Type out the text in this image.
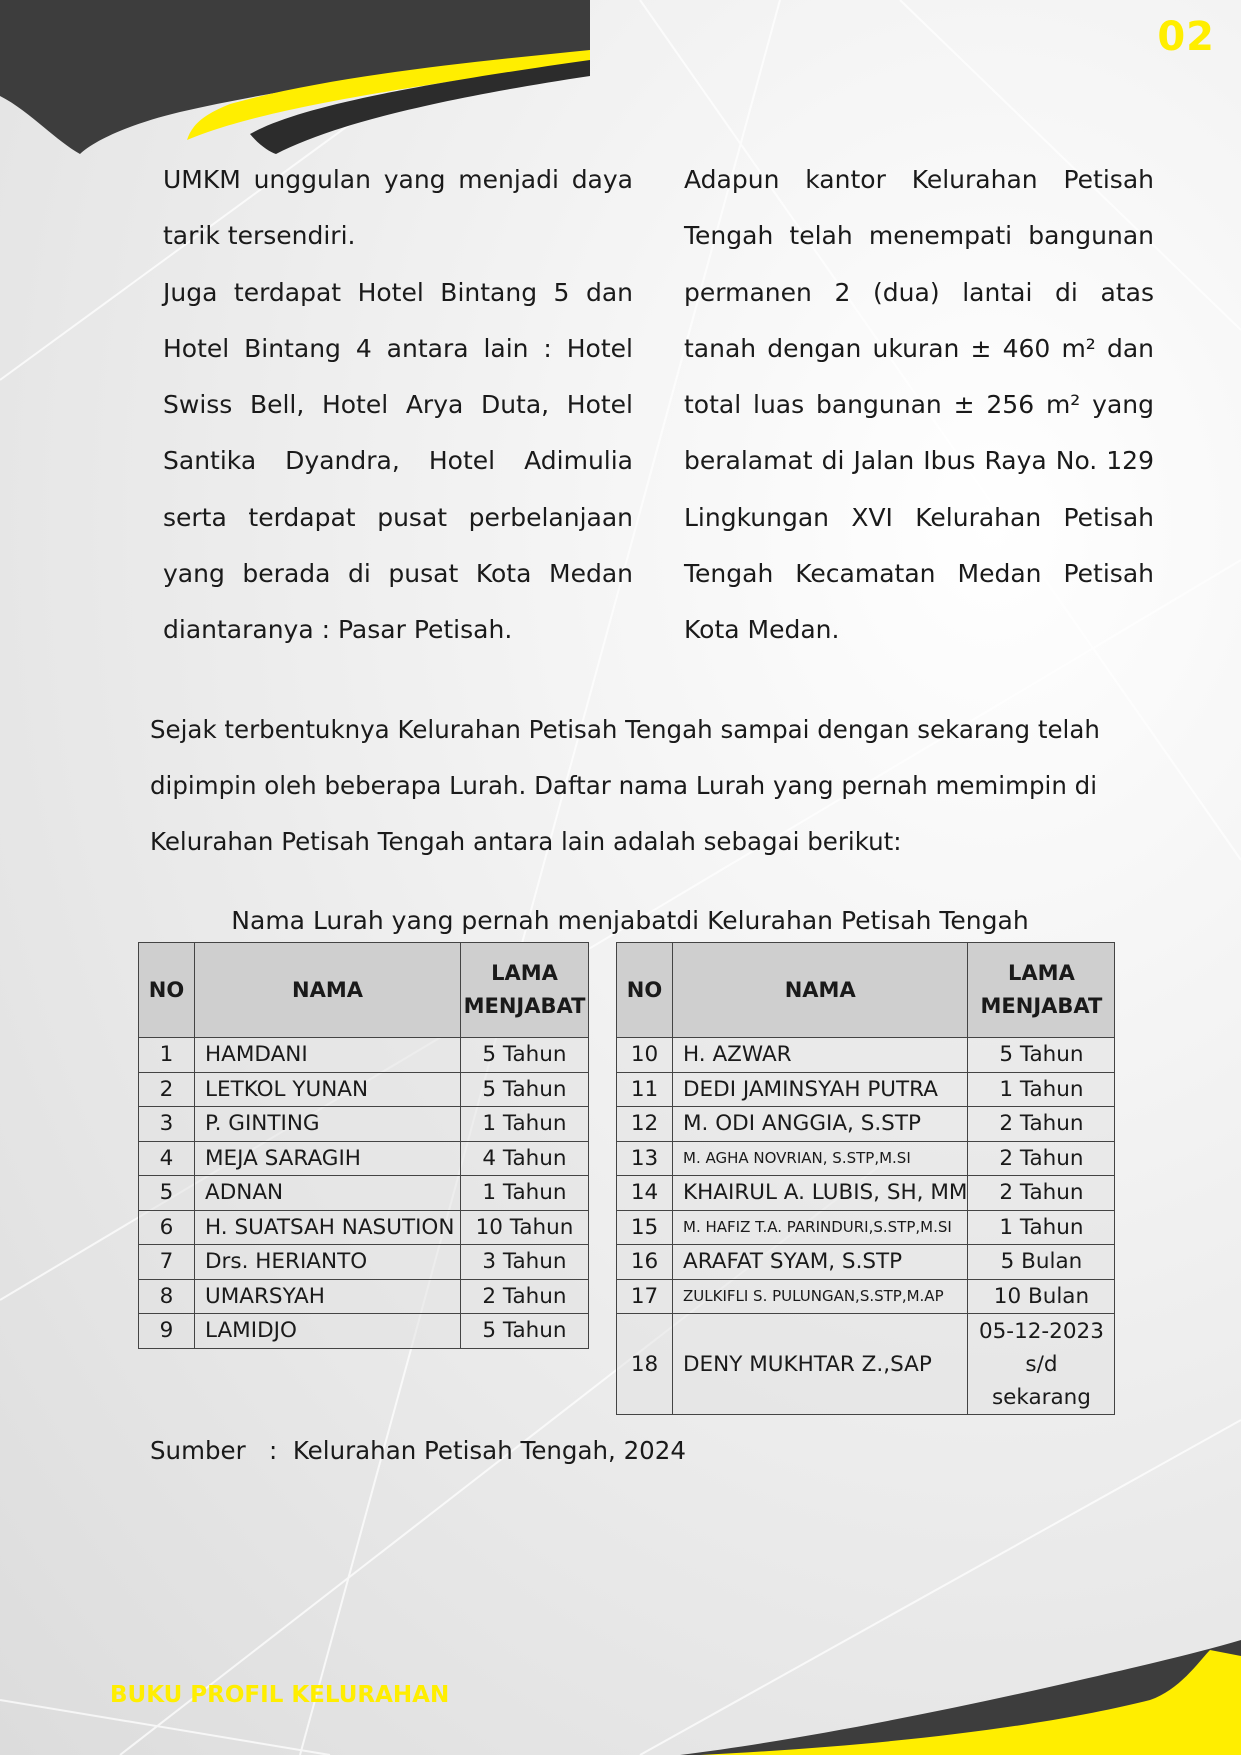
02

UMKM unggulan yang menjadi daya tarik tersendiri.

Juga terdapat Hotel Bintang 5 dan Hotel Bintang 4 antara lain : Hotel Swiss Bell, Hotel Arya Duta, Hotel Santika Dyandra, Hotel Adimulia serta terdapat pusat perbelanjaan yang berada di pusat Kota Medan diantaranya : Pasar Petisah.

Adapun kantor Kelurahan Petisah Tengah telah menempati bangunan permanen 2 (dua) lantai di atas tanah dengan ukuran ± 460 m² dan total luas bangunan ± 256 m² yang beralamat di Jalan Ibus Raya No. 129 Lingkungan XVI Kelurahan Petisah Tengah Kecamatan Medan Petisah Kota Medan.

Sejak terbentuknya Kelurahan Petisah Tengah sampai dengan sekarang telah dipimpin oleh beberapa Lurah. Daftar nama Lurah yang pernah memimpin di Kelurahan Petisah Tengah antara lain adalah sebagai berikut:

Nama Lurah yang pernah menjabatdi Kelurahan Petisah Tengah

NO	NAMA	LAMA
MENJABAT
1	HAMDANI	5 Tahun
2	LETKOL YUNAN	5 Tahun
3	P. GINTING	1 Tahun
4	MEJA SARAGIH	4 Tahun
5	ADNAN	1 Tahun
6	H. SUATSAH NASUTION	10 Tahun
7	Drs. HERIANTO	3 Tahun
8	UMARSYAH	2 Tahun
9	LAMIDJO	5 Tahun
NO	NAMA	LAMA
MENJABAT
10	H. AZWAR	5 Tahun
11	DEDI JAMINSYAH PUTRA	1 Tahun
12	M. ODI ANGGIA, S.STP	2 Tahun
13	M. AGHA NOVRIAN, S.STP,M.SI	2 Tahun
14	KHAIRUL A. LUBIS, SH, MM	2 Tahun
15	M. HAFIZ T.A. PARINDURI,S.STP,M.SI	1 Tahun
16	ARAFAT SYAM, S.STP	5 Bulan
17	ZULKIFLI S. PULUNGAN,S.STP,M.AP	10 Bulan
18	DENY MUKHTAR Z.,SAP	05-12-2023
s/d
sekarang

Sumber   :  Kelurahan Petisah Tengah, 2024

BUKU PROFIL KELURAHAN
